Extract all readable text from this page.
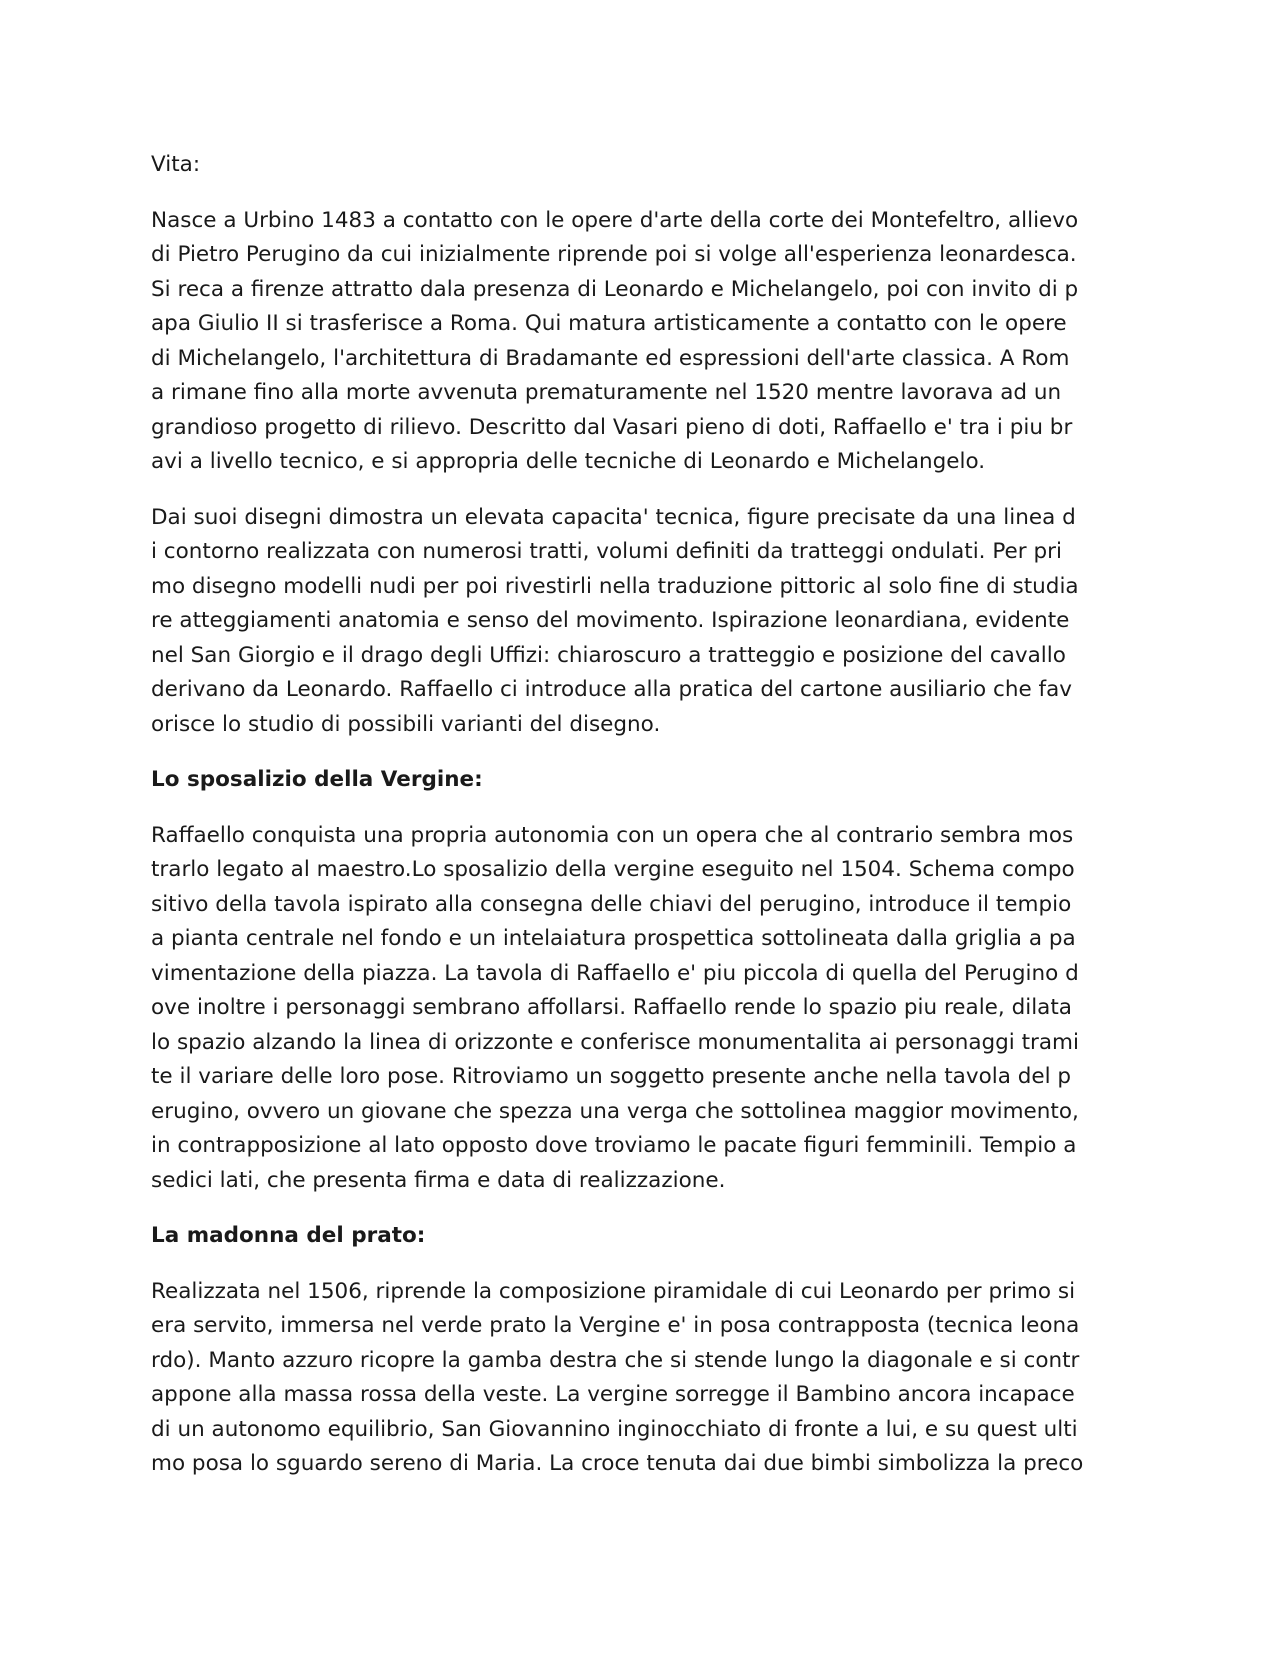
Vita:
Nasce a Urbino 1483 a contatto con le opere d'arte della corte dei Montefeltro, allievo
di Pietro Perugino da cui inizialmente riprende poi si volge all'esperienza leonardesca.
Si reca a firenze attratto dala presenza di Leonardo e Michelangelo, poi con invito di p
apa Giulio II si trasferisce a Roma. Qui matura artisticamente a contatto con le opere
di Michelangelo, l'architettura di Bradamante ed espressioni dell'arte classica. A Rom
a rimane fino alla morte avvenuta prematuramente nel 1520 mentre lavorava ad un
grandioso progetto di rilievo. Descritto dal Vasari pieno di doti, Raffaello e' tra i piu br
avi a livello tecnico, e si appropria delle tecniche di Leonardo e Michelangelo.
Dai suoi disegni dimostra un elevata capacita' tecnica, figure precisate da una linea d
i contorno realizzata con numerosi tratti, volumi definiti da tratteggi ondulati. Per pri
mo disegno modelli nudi per poi rivestirli nella traduzione pittoric al solo fine di studia
re atteggiamenti anatomia e senso del movimento. Ispirazione leonardiana, evidente
nel San Giorgio e il drago degli Uffizi: chiaroscuro a tratteggio e posizione del cavallo
derivano da Leonardo. Raffaello ci introduce alla pratica del cartone ausiliario che fav
orisce lo studio di possibili varianti del disegno.
Lo sposalizio della Vergine:
Raffaello conquista una propria autonomia con un opera che al contrario sembra mos
trarlo legato al maestro.Lo sposalizio della vergine eseguito nel 1504. Schema compo
sitivo della tavola ispirato alla consegna delle chiavi del perugino, introduce il tempio
a pianta centrale nel fondo e un intelaiatura prospettica sottolineata dalla griglia a pa
vimentazione della piazza. La tavola di Raffaello e' piu piccola di quella del Perugino d
ove inoltre i personaggi sembrano affollarsi. Raffaello rende lo spazio piu reale, dilata
lo spazio alzando la linea di orizzonte e conferisce monumentalita ai personaggi trami
te il variare delle loro pose. Ritroviamo un soggetto presente anche nella tavola del p
erugino, ovvero un giovane che spezza una verga che sottolinea maggior movimento,
in contrapposizione al lato opposto dove troviamo le pacate figuri femminili. Tempio a
sedici lati, che presenta firma e data di realizzazione.
La madonna del prato:
Realizzata nel 1506, riprende la composizione piramidale di cui Leonardo per primo si
era servito, immersa nel verde prato la Vergine e' in posa contrapposta (tecnica leona
rdo). Manto azzuro ricopre la gamba destra che si stende lungo la diagonale e si contr
appone alla massa rossa della veste. La vergine sorregge il Bambino ancora incapace
di un autonomo equilibrio, San Giovannino inginocchiato di fronte a lui, e su quest ulti
mo posa lo sguardo sereno di Maria. La croce tenuta dai due bimbi simbolizza la preco
